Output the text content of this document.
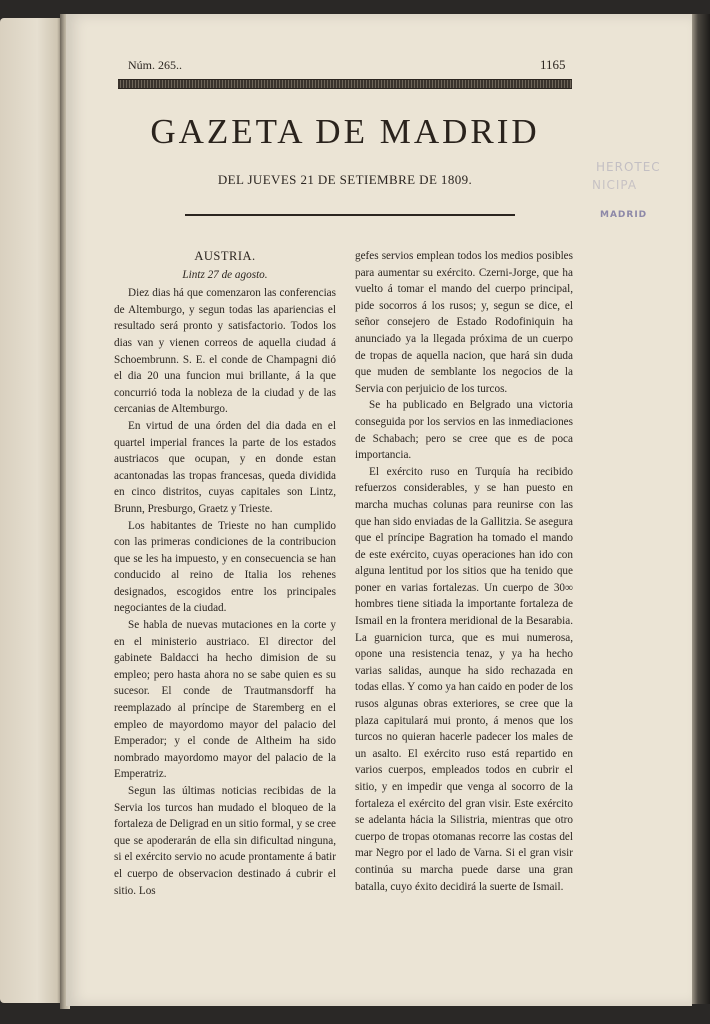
Núm. 265..	1165
GAZETA DE MADRID
DEL JUEVES 21 DE SETIEMBRE DE 1809.
HEROTEC
NICIPA
MADRID
AUSTRIA.
Lintz 27 de agosto.

Diez dias há que comenzaron las conferencias de Altemburgo, y segun todas las apariencias el resultado será pronto y satisfactorio. Todos los dias van y vienen correos de aquella ciudad á Schoembrunn. S. E. el conde de Champagni dió el dia 20 una funcion mui brillante, á la que concurrió toda la nobleza de la ciudad y de las cercanias de Altemburgo.

En virtud de una órden del dia dada en el quartel imperial frances la parte de los estados austriacos que ocupan, y en donde estan acantonadas las tropas francesas, queda dividida en cinco distritos, cuyas capitales son Lintz, Brunn, Presburgo, Graetz y Trieste.

Los habitantes de Trieste no han cumplido con las primeras condiciones de la contribucion que se les ha impuesto, y en consecuencia se han conducido al reino de Italia los rehenes designados, escogidos entre los principales negociantes de la ciudad.

Se habla de nuevas mutaciones en la corte y en el ministerio austriaco. El director del gabinete Baldacci ha hecho dimision de su empleo; pero hasta ahora no se sabe quien es su sucesor. El conde de Trautmansdorff ha reemplazado al príncipe de Staremberg en el empleo de mayordomo mayor del palacio del Emperador; y el conde de Altheim ha sido nombrado mayordomo mayor del palacio de la Emperatriz.

Segun las últimas noticias recibidas de la Servia los turcos han mudado el bloqueo de la fortaleza de Deligrad en un sitio formal, y se cree que se apoderarán de ella sin dificultad ninguna, si el exército servio no acude prontamente á batir el cuerpo de observacion destinado á cubrir el sitio. Los

gefes servios emplean todos los medios posibles para aumentar su exército. Czerni-Jorge, que ha vuelto á tomar el mando del cuerpo principal, pide socorros á los rusos; y, segun se dice, el señor consejero de Estado Rodofiniquin ha anunciado ya la llegada próxima de un cuerpo de tropas de aquella nacion, que hará sin duda que muden de semblante los negocios de la Servia con perjuicio de los turcos.

Se ha publicado en Belgrado una victoria conseguida por los servios en las inmediaciones de Schabach; pero se cree que es de poca importancia.

El exército ruso en Turquía ha recibido refuerzos considerables, y se han puesto en marcha muchas colunas para reunirse con las que han sido enviadas de la Gallitzia. Se asegura que el príncipe Bagration ha tomado el mando de este exército, cuyas operaciones han ido con alguna lentitud por los sitios que ha tenido que poner en varias fortalezas. Un cuerpo de 30∞ hombres tiene sitiada la importante fortaleza de Ismail en la frontera meridional de la Besarabia. La guarnicion turca, que es mui numerosa, opone una resistencia tenaz, y ya ha hecho varias salidas, aunque ha sido rechazada en todas ellas. Y como ya han caido en poder de los rusos algunas obras exteriores, se cree que la plaza capitulará mui pronto, á menos que los turcos no quieran hacerle padecer los males de un asalto. El exército ruso está repartido en varios cuerpos, empleados todos en cubrir el sitio, y en impedir que venga al socorro de la fortaleza el exército del gran visir. Este exército se adelanta hácia la Silistria, mientras que otro cuerpo de tropas otomanas recorre las costas del mar Negro por el lado de Varna. Si el gran visir continúa su marcha puede darse una gran batalla, cuyo éxito decidirá la suerte de Ismail.
